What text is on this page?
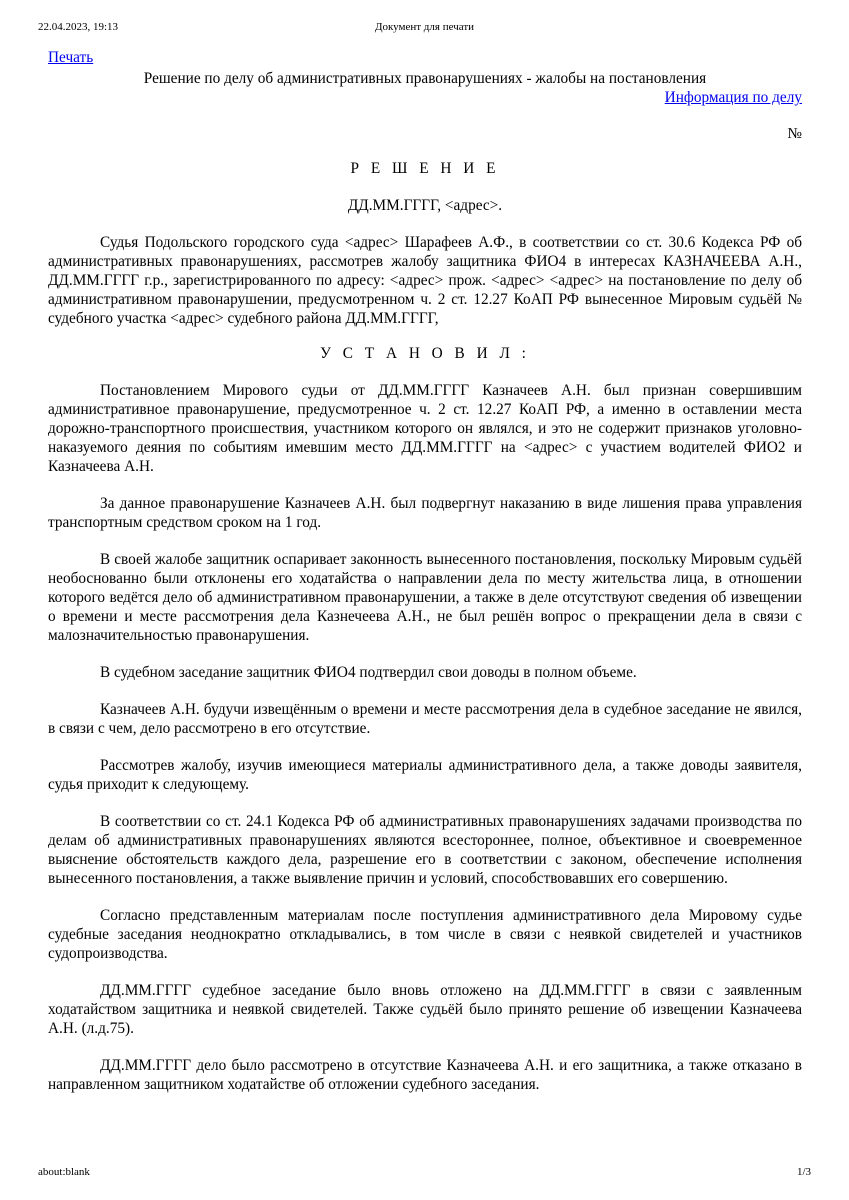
22.04.2023, 19:13	Документ для печати
Печать
Решение по делу об административных правонарушениях - жалобы на постановления
Информация по делу
№
Р Е Ш Е Н И Е
ДД.ММ.ГГГГ, <адрес>.

Судья Подольского городского суда <адрес> Шарафеев А.Ф., в соответствии со ст. 30.6 Кодекса РФ об административных правонарушениях, рассмотрев жалобу защитника ФИО4 в интересах КАЗНАЧЕЕВА А.Н., ДД.ММ.ГГГГ г.р., зарегистрированного по адресу: <адрес> прож. <адрес> <адрес> на постановление по делу об административном правонарушении, предусмотренном ч. 2 ст. 12.27 КоАП РФ вынесенное Мировым судьёй № судебного участка <адрес> судебного района ДД.ММ.ГГГГ,

У С Т А Н О В И Л :

Постановлением Мирового судьи от ДД.ММ.ГГГГ Казначеев А.Н. был признан совершившим административное правонарушение, предусмотренное ч. 2 ст. 12.27 КоАП РФ, а именно в оставлении места дорожно-транспортного происшествия, участником которого он являлся, и это не содержит признаков уголовно-наказуемого деяния по событиям имевшим место ДД.ММ.ГГГГ на <адрес> с участием водителей ФИО2 и Казначеева А.Н.

За данное правонарушение Казначеев А.Н. был подвергнут наказанию в виде лишения права управления транспортным средством сроком на 1 год.

В своей жалобе защитник оспаривает законность вынесенного постановления, поскольку Мировым судьёй необоснованно были отклонены его ходатайства о направлении дела по месту жительства лица, в отношении которого ведётся дело об административном правонарушении, а также в деле отсутствуют сведения об извещении о времени и месте рассмотрения дела Казнечеева А.Н., не был решён вопрос о прекращении дела в связи с малозначительностью правонарушения.

В судебном заседание защитник ФИО4 подтвердил свои доводы в полном объеме.

Казначеев А.Н. будучи извещённым о времени и месте рассмотрения дела в судебное заседание не явился, в связи с чем, дело рассмотрено в его отсутствие.

Рассмотрев жалобу, изучив имеющиеся материалы административного дела, а также доводы заявителя, судья приходит к следующему.

В соответствии со ст. 24.1 Кодекса РФ об административных правонарушениях задачами производства по делам об административных правонарушениях являются всестороннее, полное, объективное и своевременное выяснение обстоятельств каждого дела, разрешение его в соответствии с законом, обеспечение исполнения вынесенного постановления, а также выявление причин и условий, способствовавших его совершению.

Согласно представленным материалам после поступления административного дела Мировому судье судебные заседания неоднократно откладывались, в том числе в связи с неявкой свидетелей и участников судопроизводства.

ДД.ММ.ГГГГ судебное заседание было вновь отложено на ДД.ММ.ГГГГ в связи с заявленным ходатайством защитника и неявкой свидетелей. Также судьёй было принято решение об извещении Казначеева А.Н. (л.д.75).

ДД.ММ.ГГГГ дело было рассмотрено в отсутствие Казначеева А.Н. и его защитника, а также отказано в направленном защитником ходатайстве об отложении судебного заседания.

about:blank	1/3
